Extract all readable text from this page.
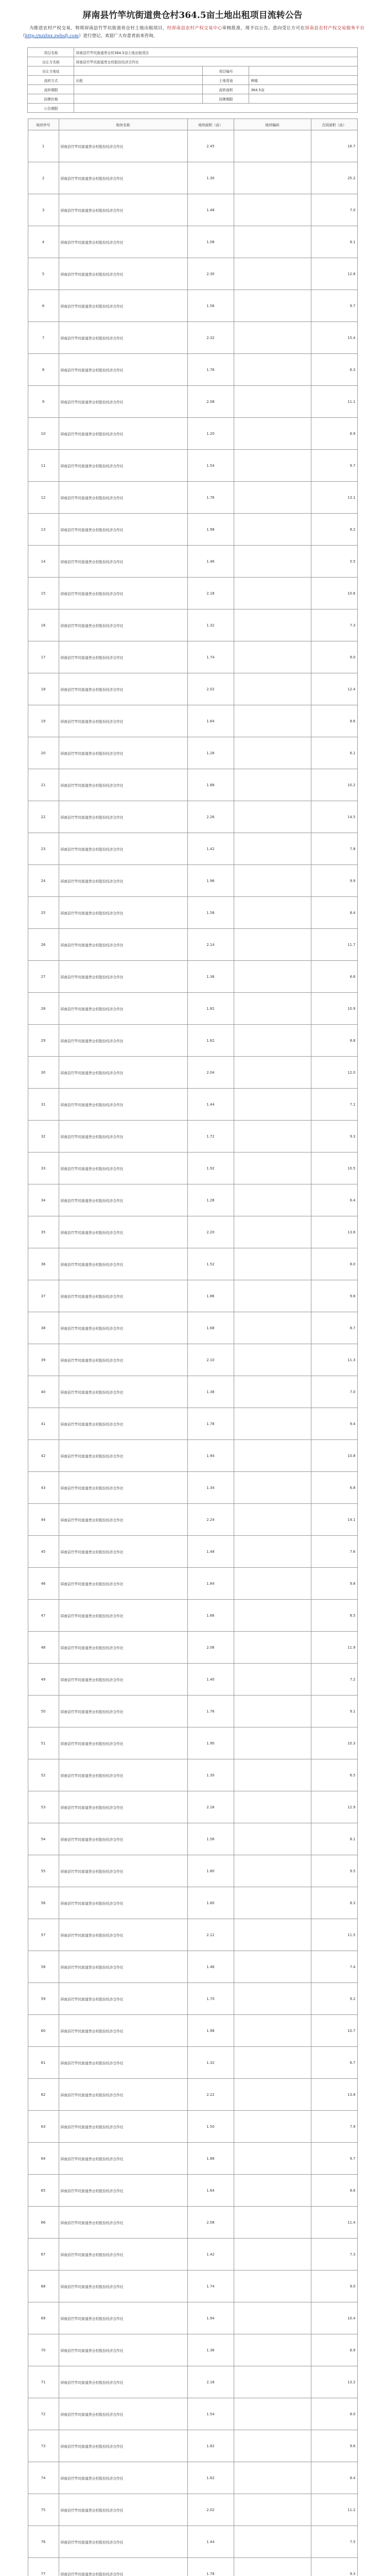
屏南县竹竿坑街道贵仓村364.5亩土地出租项目流转公告

为推进农村产权交易，特将屏南县竹竿坑街道贵仓村土地出租项目，经屏南县农村产权交易中心审核批准，现予以公告。意向受让方可在屏南县农村产权交易服务平台（http://nzzlnx.zwbsfj.com）进行登记。欢迎广大有意者前来咨询，

项目名称	屏南县竹竿坑街道贵仓村364.5亩土地出租项目		
出让方名称	屏南县竹竿坑街道贵仓村股份经济合作社		
出让方地址		项目编号	
流转方式	出租	土地用途	种植
流转期限		流转面积	364.5亩
挂牌价格		挂牌期限	
公告期限			
地块序号	地块名称	地块面积（亩）	地块编码	合同面积（亩）
1	屏南县竹竿坑街道贵仓村股份经济合作社	2.45		16.7
2	屏南县竹竿坑街道贵仓村股份经济合作社	1.30		25.2
3	屏南县竹竿坑街道贵仓村股份经济合作社	1.48		7.0
4	屏南县竹竿坑街道贵仓村股份经济合作社	1.08		8.1
5	屏南县竹竿坑街道贵仓村股份经济合作社	2.30		12.8
6	屏南县竹竿坑街道贵仓村股份经济合作社	1.56		9.7
7	屏南县竹竿坑街道贵仓村股份经济合作社	2.32		15.4
8	屏南县竹竿坑街道贵仓村股份经济合作社	1.76		6.3
9	屏南县竹竿坑街道贵仓村股份经济合作社	2.08		11.1
10	屏南县竹竿坑街道贵仓村股份经济合作社	1.20		6.9
11	屏南县竹竿坑街道贵仓村股份经济合作社	1.54		9.7
12	屏南县竹竿坑街道贵仓村股份经济合作社	1.76		13.1
13	屏南县竹竿坑街道贵仓村股份经济合作社	1.98		8.2
14	屏南县竹竿坑街道贵仓村股份经济合作社	1.46		5.5
15	屏南县竹竿坑街道贵仓村股份经济合作社	2.18		10.6
16	屏南县竹竿坑街道贵仓村股份经济合作社	1.32		7.3
17	屏南县竹竿坑街道贵仓村股份经济合作社	1.74		9.0
18	屏南县竹竿坑街道贵仓村股份经济合作社	2.02		12.4
19	屏南县竹竿坑街道贵仓村股份经济合作社	1.64		8.6
20	屏南县竹竿坑街道贵仓村股份经济合作社	1.26		6.1
21	屏南县竹竿坑街道贵仓村股份经济合作社	1.88		10.2
22	屏南县竹竿坑街道贵仓村股份经济合作社	2.26		14.5
23	屏南县竹竿坑街道贵仓村股份经济合作社	1.42		7.8
24	屏南县竹竿坑街道贵仓村股份经济合作社	1.96		9.9
25	屏南县竹竿坑街道贵仓村股份经济合作社	1.58		8.4
26	屏南县竹竿坑街道贵仓村股份经济合作社	2.14		11.7
27	屏南县竹竿坑街道贵仓村股份经济合作社	1.36		6.6
28	屏南县竹竿坑街道贵仓村股份经济合作社	1.82		10.9
29	屏南县竹竿坑街道贵仓村股份经济合作社	1.62		8.8
30	屏南县竹竿坑街道贵仓村股份经济合作社	2.04		12.0
31	屏南县竹竿坑街道贵仓村股份经济合作社	1.44		7.1
32	屏南县竹竿坑街道贵仓村股份经济合作社	1.72		9.3
33	屏南县竹竿坑街道贵仓村股份经济合作社	1.92		10.5
34	屏南县竹竿坑街道贵仓村股份经济合作社	1.28		6.4
35	屏南县竹竿坑街道贵仓村股份经济合作社	2.20		13.6
36	屏南县竹竿坑街道贵仓村股份经济合作社	1.52		8.0
37	屏南县竹竿坑街道贵仓村股份经济合作社	1.86		9.6
38	屏南县竹竿坑街道贵仓村股份经济合作社	1.68		8.7
39	屏南县竹竿坑街道贵仓村股份经济合作社	2.10		11.3
40	屏南县竹竿坑街道贵仓村股份经济合作社	1.38		7.0
41	屏南县竹竿坑街道贵仓村股份经济合作社	1.78		9.4
42	屏南县竹竿坑街道贵仓村股份经济合作社	1.94		10.8
43	屏南县竹竿坑街道贵仓村股份经济合作社	1.34		6.8
44	屏南县竹竿坑街道贵仓村股份经济合作社	2.24		14.1
45	屏南县竹竿坑街道贵仓村股份经济合作社	1.48		7.6
46	屏南县竹竿坑街道贵仓村股份经济合作社	1.84		9.8
47	屏南县竹竿坑街道贵仓村股份经济合作社	1.66		8.5
48	屏南县竹竿坑街道贵仓村股份经济合作社	2.06		11.9
49	屏南县竹竿坑街道贵仓村股份经济合作社	1.40		7.2
50	屏南县竹竿坑街道贵仓村股份经济合作社	1.76		9.1
51	屏南县竹竿坑街道贵仓村股份经济合作社	1.90		10.3
52	屏南县竹竿坑街道贵仓村股份经济合作社	1.30		6.5
53	屏南县竹竿坑街道贵仓村股份经济合作社	2.16		12.9
54	屏南县竹竿坑街道贵仓村股份经济合作社	1.56		8.1
55	屏南县竹竿坑街道贵仓村股份经济合作社	1.80		9.5
56	屏南县竹竿坑街道贵仓村股份经济合作社	1.60		8.3
57	屏南县竹竿坑街道贵仓村股份经济合作社	2.12		11.5
58	屏南县竹竿坑街道贵仓村股份经济合作社	1.46		7.4
59	屏南县竹竿坑街道贵仓村股份经济合作社	1.70		9.2
60	屏南县竹竿坑街道贵仓村股份经济合作社	1.98		10.7
61	屏南县竹竿坑街道贵仓村股份经济合作社	1.32		6.7
62	屏南县竹竿坑街道贵仓村股份经济合作社	2.22		13.8
63	屏南县竹竿坑街道贵仓村股份经济合作社	1.50		7.9
64	屏南县竹竿坑街道贵仓村股份经济合作社	1.88		9.7
65	屏南县竹竿坑街道贵仓村股份经济合作社	1.64		8.6
66	屏南县竹竿坑街道贵仓村股份经济合作社	2.08		11.4
67	屏南县竹竿坑街道贵仓村股份经济合作社	1.42		7.3
68	屏南县竹竿坑街道贵仓村股份经济合作社	1.74		9.0
69	屏南县竹竿坑街道贵仓村股份经济合作社	1.94		10.4
70	屏南县竹竿坑街道贵仓村股份经济合作社	1.36		6.9
71	屏南县竹竿坑街道贵仓村股份经济合作社	2.18		13.2
72	屏南县竹竿坑街道贵仓村股份经济合作社	1.54		8.0
73	屏南县竹竿坑街道贵仓村股份经济合作社	1.82		9.6
74	屏南县竹竿坑街道贵仓村股份经济合作社	1.62		8.4
75	屏南县竹竿坑街道贵仓村股份经济合作社	2.02		11.2
76	屏南县竹竿坑街道贵仓村股份经济合作社	1.44		7.5
77	屏南县竹竿坑街道贵仓村股份经济合作社	1.78		9.3
